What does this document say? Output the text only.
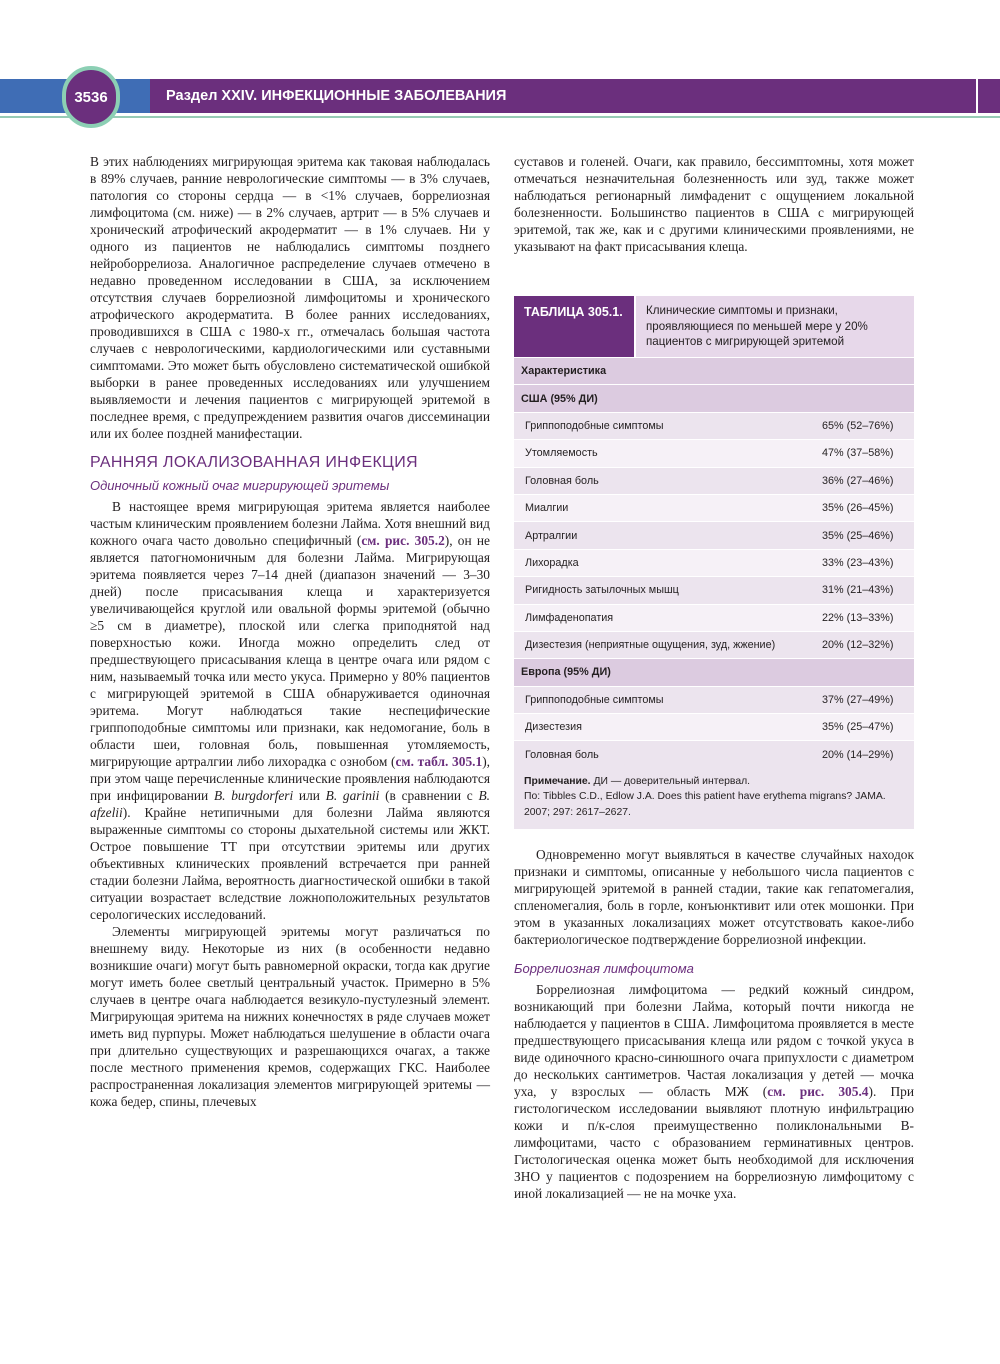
3536	Раздел XXIV. ИНФЕКЦИОННЫЕ ЗАБОЛЕВАНИЯ

В этих наблюдениях мигрирующая эритема как таковая наблюдалась в 89% случаев, ранние неврологические симптомы — в 3% случаев, патология со стороны сердца — в <1% случаев, боррелиозная лимфоцитома (см. ниже) — в 2% случаев, артрит — в 5% случаев и хронический атрофический акродерматит — в 1% случаев. Ни у одного из пациентов не наблюдались симптомы позднего нейроборрелиоза. Аналогичное распределение случаев отмечено в недавно проведенном исследовании в США, за исключением отсутствия случаев боррелиозной лимфоцитомы и хронического атрофического акродерматита. В более ранних исследованиях, проводившихся в США с 1980-х гг., отмечалась большая частота случаев с неврологическими, кардиологическими или суставными симптомами. Это может быть обусловлено систематической ошибкой выборки в ранее проведенных исследованиях или улучшением выявляемости и лечения пациентов с мигрирующей эритемой в последнее время, с предупреждением развития очагов диссеминации или их более поздней манифестации.

РАННЯЯ ЛОКАЛИЗОВАННАЯ ИНФЕКЦИЯ
Одиночный кожный очаг мигрирующей эритемы

В настоящее время мигрирующая эритема является наиболее частым клиническим проявлением болезни Лайма. Хотя внешний вид кожного очага часто довольно специфичный (см. рис. 305.2), он не является патогномоничным для болезни Лайма. Мигрирующая эритема появляется через 7–14 дней (диапазон значений — 3–30 дней) после присасывания клеща и характеризуется увеличивающейся круглой или овальной формы эритемой (обычно ≥5 см в диаметре), плоской или слегка приподнятой над поверхностью кожи. Иногда можно определить след от предшествующего присасывания клеща в центре очага или рядом с ним, называемый точка или место укуса. Примерно у 80% пациентов с мигрирующей эритемой в США обнаруживается одиночная эритема. Могут наблюдаться такие неспецифические гриппоподобные симптомы или признаки, как недомогание, боль в области шеи, головная боль, повышенная утомляемость, мигрирующие артралгии либо лихорадка с ознобом (см. табл. 305.1), при этом чаще перечисленные клинические проявления наблюдаются при инфицировании B. burgdorferi или B. garinii (в сравнении с B. afzelii). Крайне нетипичными для болезни Лайма являются выраженные симптомы со стороны дыхательной системы или ЖКТ. Острое повышение ТТ при отсутствии эритемы или других объективных клинических проявлений встречается при ранней стадии болезни Лайма, вероятность диагностической ошибки в такой ситуации возрастает вследствие ложноположительных результатов серологических исследований.

Элементы мигрирующей эритемы могут различаться по внешнему виду. Некоторые из них (в особенности недавно возникшие очаги) могут быть равномерной окраски, тогда как другие могут иметь более светлый центральный участок. Примерно в 5% случаев в центре очага наблюдается везикуло-пустулезный элемент. Мигрирующая эритема на нижних конечностях в ряде случаев может иметь вид пурпуры. Может наблюдаться шелушение в области очага при длительно существующих и разрешающихся очагах, а также после местного применения кремов, содержащих ГКС. Наиболее распространенная локализация элементов мигрирующей эритемы — кожа бедер, спины, плечевых

суставов и голеней. Очаги, как правило, бессимптомны, хотя может отмечаться незначительная болезненность или зуд, также может наблюдаться регионарный лимфаденит с ощущением локальной болезненности. Большинство пациентов в США с мигрирующей эритемой, так же, как и с другими клиническими проявлениями, не указывают на факт присасывания клеща.

ТАБЛИЦА 305.1.	Клинические симптомы и признаки, проявляющиеся по меньшей мере у 20% пациентов с мигрирующей эритемой
Характеристика
США (95% ДИ)
Гриппоподобные симптомы	65% (52–76%)
Утомляемость	47% (37–58%)
Головная боль	36% (27–46%)
Миалгии	35% (26–45%)
Артралгии	35% (25–46%)
Лихорадка	33% (23–43%)
Ригидность затылочных мышц	31% (21–43%)
Лимфаденопатия	22% (13–33%)
Дизестезия (неприятные ощущения, зуд, жжение)	20% (12–32%)
Европа (95% ДИ)
Гриппоподобные симптомы	37% (27–49%)
Дизестезия	35% (25–47%)
Головная боль	20% (14–29%)
Примечание. ДИ — доверительный интервал.
По: Tibbles C.D., Edlow J.A. Does this patient have erythema migrans? JAMA. 2007; 297: 2617–2627.

Одновременно могут выявляться в качестве случайных находок признаки и симптомы, описанные у небольшого числа пациентов с мигрирующей эритемой в ранней стадии, такие как гепатомегалия, спленомегалия, боль в горле, конъюнктивит или отек мошонки. При этом в указанных локализациях может отсутствовать какое-либо бактериологическое подтверждение боррелиозной инфекции.

Боррелиозная лимфоцитома

Боррелиозная лимфоцитома — редкий кожный синдром, возникающий при болезни Лайма, который почти никогда не наблюдается у пациентов в США. Лимфоцитома проявляется в месте предшествующего присасывания клеща или рядом с точкой укуса в виде одиночного красно-синюшного очага припухлости с диаметром до нескольких сантиметров. Частая локализация у детей — мочка уха, у взрослых — область МЖ (см. рис. 305.4). При гистологическом исследовании выявляют плотную инфильтрацию кожи и п/к-слоя преимущественно поликлональными В-лимфоцитами, часто с образованием герминативных центров. Гистологическая оценка может быть необходимой для исключения ЗНО у пациентов с подозрением на боррелиозную лимфоцитому с иной локализацией — не на мочке уха.
